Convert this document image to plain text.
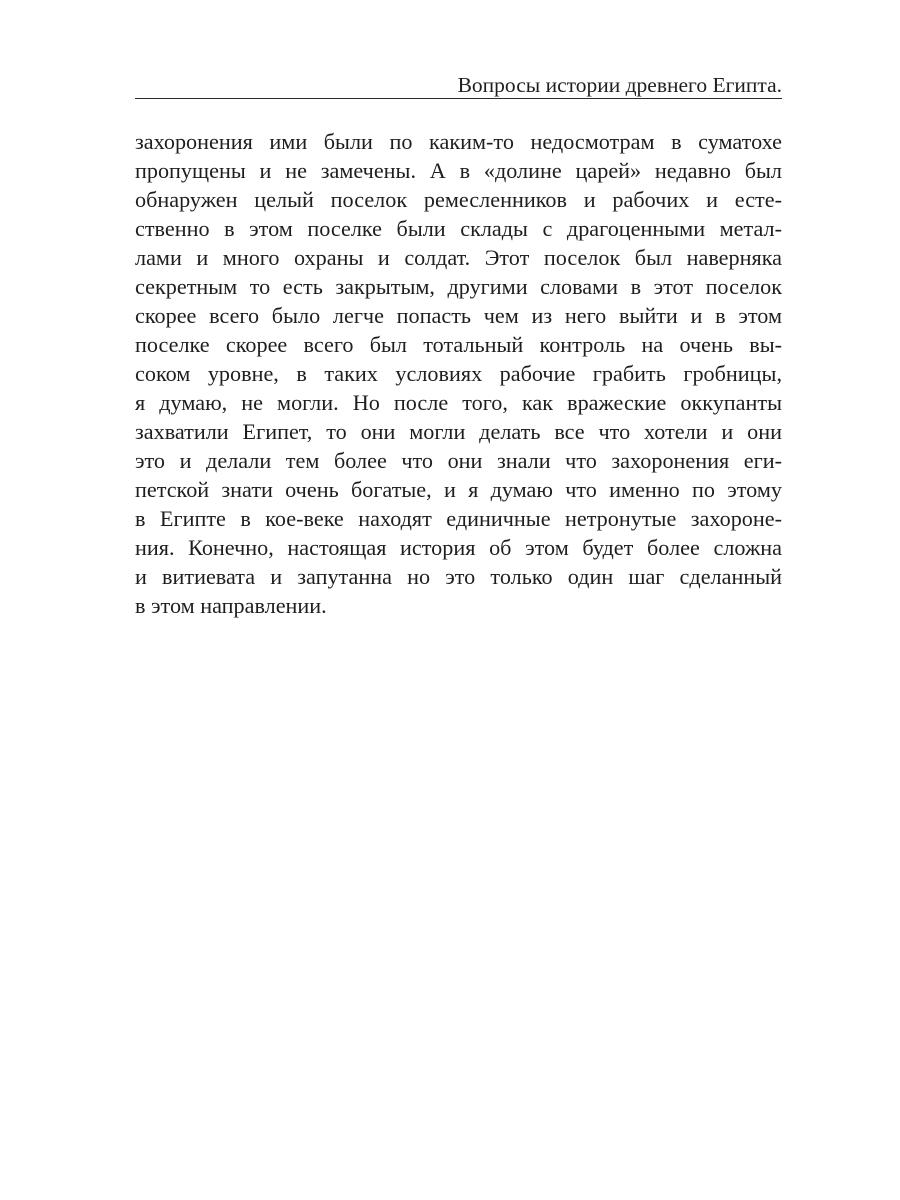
Вопросы истории древнего Египта.
захоронения ими были по каким-то недосмотрам в суматохе
пропущены и не замечены. А в «долине царей» недавно был
обнаружен целый поселок ремесленников и рабочих и есте-
ственно в этом поселке были склады с драгоценными метал-
лами и много охраны и солдат. Этот поселок был наверняка
секретным то есть закрытым, другими словами в этот поселок
скорее всего было легче попасть чем из него выйти и в этом
поселке скорее всего был тотальный контроль на очень вы-
соком уровне, в таких условиях рабочие грабить гробницы,
я думаю, не могли. Но после того, как вражеские оккупанты
захватили Египет, то они могли делать все что хотели и они
это и делали тем более что они знали что захоронения еги-
петской знати очень богатые, и я думаю что именно по этому
в Египте в кое-веке находят единичные нетронутые захороне-
ния. Конечно, настоящая история об этом будет более сложна
и витиевата и запутанна но это только один шаг сделанный
в этом направлении.
